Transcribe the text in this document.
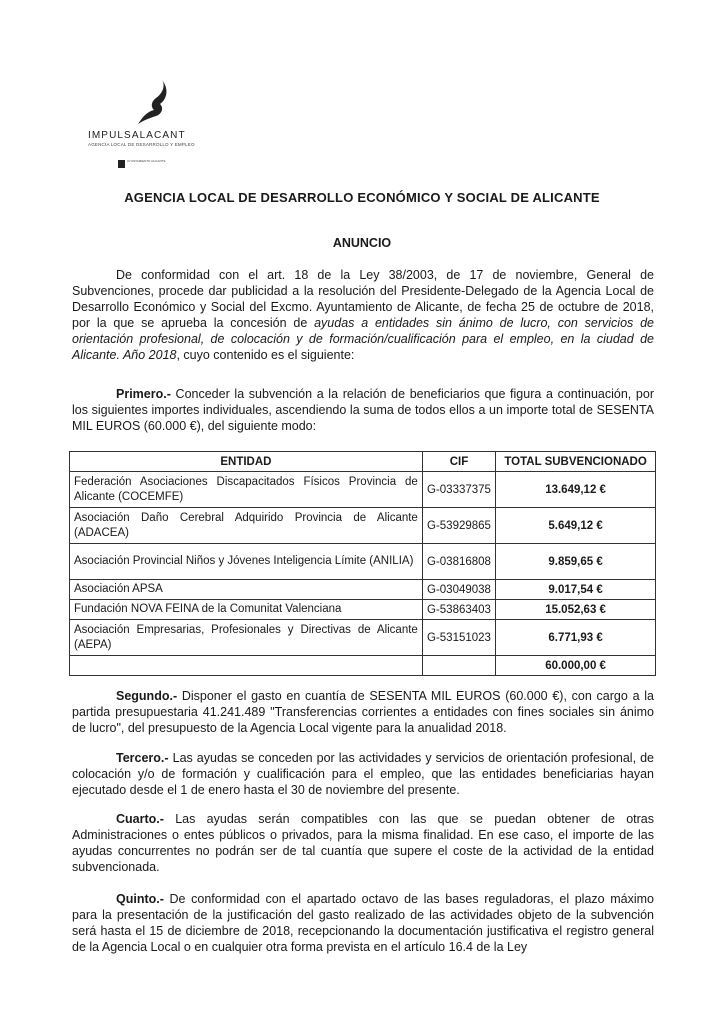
IMPULSALACANT
AGENCIA LOCAL DE DESARROLLO Y EMPLEO
AYUNTAMIENTO ALICANTE
AGENCIA LOCAL DE DESARROLLO ECONÓMICO Y SOCIAL DE ALICANTE
ANUNCIO
De conformidad con el art. 18 de la Ley 38/2003, de 17 de noviembre, General de Subvenciones, procede dar publicidad a la resolución del Presidente-Delegado de la Agencia Local de Desarrollo Económico y Social del Excmo. Ayuntamiento de Alicante, de fecha 25 de octubre de 2018, por la que se aprueba la concesión de ayudas a entidades sin ánimo de lucro, con servicios de orientación profesional, de colocación y de formación/cualificación para el empleo, en la ciudad de Alicante. Año 2018, cuyo contenido es el siguiente:
Primero.- Conceder la subvención a la relación de beneficiarios que figura a continuación, por los siguientes importes individuales, ascendiendo la suma de todos ellos a un importe total de SESENTA MIL EUROS (60.000 €), del siguiente modo:
ENTIDAD	CIF	TOTAL SUBVENCIONADO
Federación Asociaciones Discapacitados Físicos Provincia de Alicante (COCEMFE)	G-03337375	13.649,12 €
Asociación Daño Cerebral Adquirido Provincia de Alicante (ADACEA)	G-53929865	5.649,12 €
Asociación Provincial Niños y Jóvenes Inteligencia Límite (ANILIA)	G-03816808	9.859,65 €
Asociación APSA	G-03049038	9.017,54 €
Fundación NOVA FEINA de la Comunitat Valenciana	G-53863403	15.052,63 €
Asociación Empresarias, Profesionales y Directivas de Alicante (AEPA)	G-53151023	6.771,93 €
		60.000,00 €
Segundo.- Disponer el gasto en cuantía de SESENTA MIL EUROS (60.000 €), con cargo a la partida presupuestaria 41.241.489 "Transferencias corrientes a entidades con fines sociales sin ánimo de lucro", del presupuesto de la Agencia Local vigente para la anualidad 2018.
Tercero.- Las ayudas se conceden por las actividades y servicios de orientación profesional, de colocación y/o de formación y cualificación para el empleo, que las entidades beneficiarias hayan ejecutado desde el 1 de enero hasta el 30 de noviembre del presente.
Cuarto.- Las ayudas serán compatibles con las que se puedan obtener de otras Administraciones o entes públicos o privados, para la misma finalidad. En ese caso, el importe de las ayudas concurrentes no podrán ser de tal cuantía que supere el coste de la actividad de la entidad subvencionada.
Quinto.- De conformidad con el apartado octavo de las bases reguladoras, el plazo máximo para la presentación de la justificación del gasto realizado de las actividades objeto de la subvención será hasta el 15 de diciembre de 2018, recepcionando la documentación justificativa el registro general de la Agencia Local o en cualquier otra forma prevista en el artículo 16.4 de la Ley
